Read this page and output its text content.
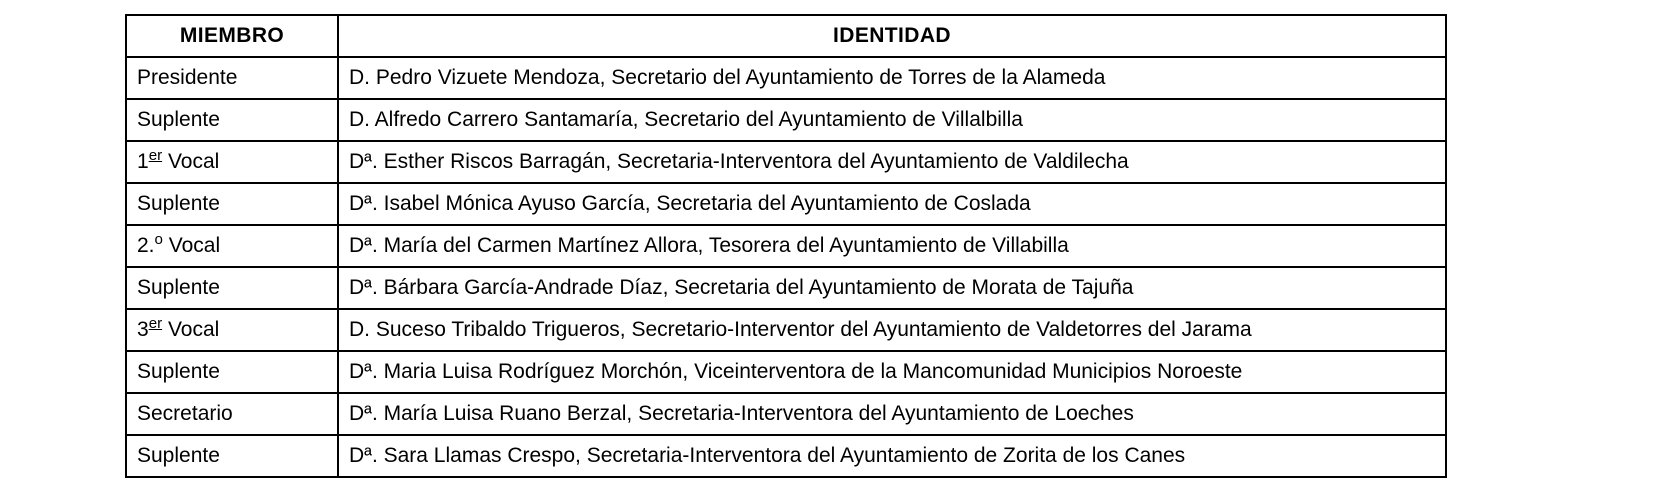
MIEMBRO	IDENTIDAD
Presidente	D. Pedro Vizuete Mendoza, Secretario del Ayuntamiento de Torres de la Alameda
Suplente	D. Alfredo Carrero Santamaría, Secretario del Ayuntamiento de Villalbilla
1er Vocal	Dª. Esther Riscos Barragán, Secretaria-Interventora del Ayuntamiento de Valdilecha
Suplente	Dª. Isabel Mónica Ayuso García, Secretaria del Ayuntamiento de Coslada
2.$^o$ Vocal	Dª. María del Carmen Martínez Allora, Tesorera del Ayuntamiento de Villabilla
Suplente	Dª. Bárbara García-Andrade Díaz, Secretaria del Ayuntamiento de Morata de Tajuña
3er Vocal	D. Suceso Tribaldo Trigueros, Secretario-Interventor del Ayuntamiento de Valdetorres del Jarama
Suplente	Dª. Maria Luisa Rodríguez Morchón, Viceinterventora de la Mancomunidad Municipios Noroeste
Secretario	Dª. María Luisa Ruano Berzal, Secretaria-Interventora del Ayuntamiento de Loeches
Suplente	Dª. Sara Llamas Crespo, Secretaria-Interventora del Ayuntamiento de Zorita de los Canes
